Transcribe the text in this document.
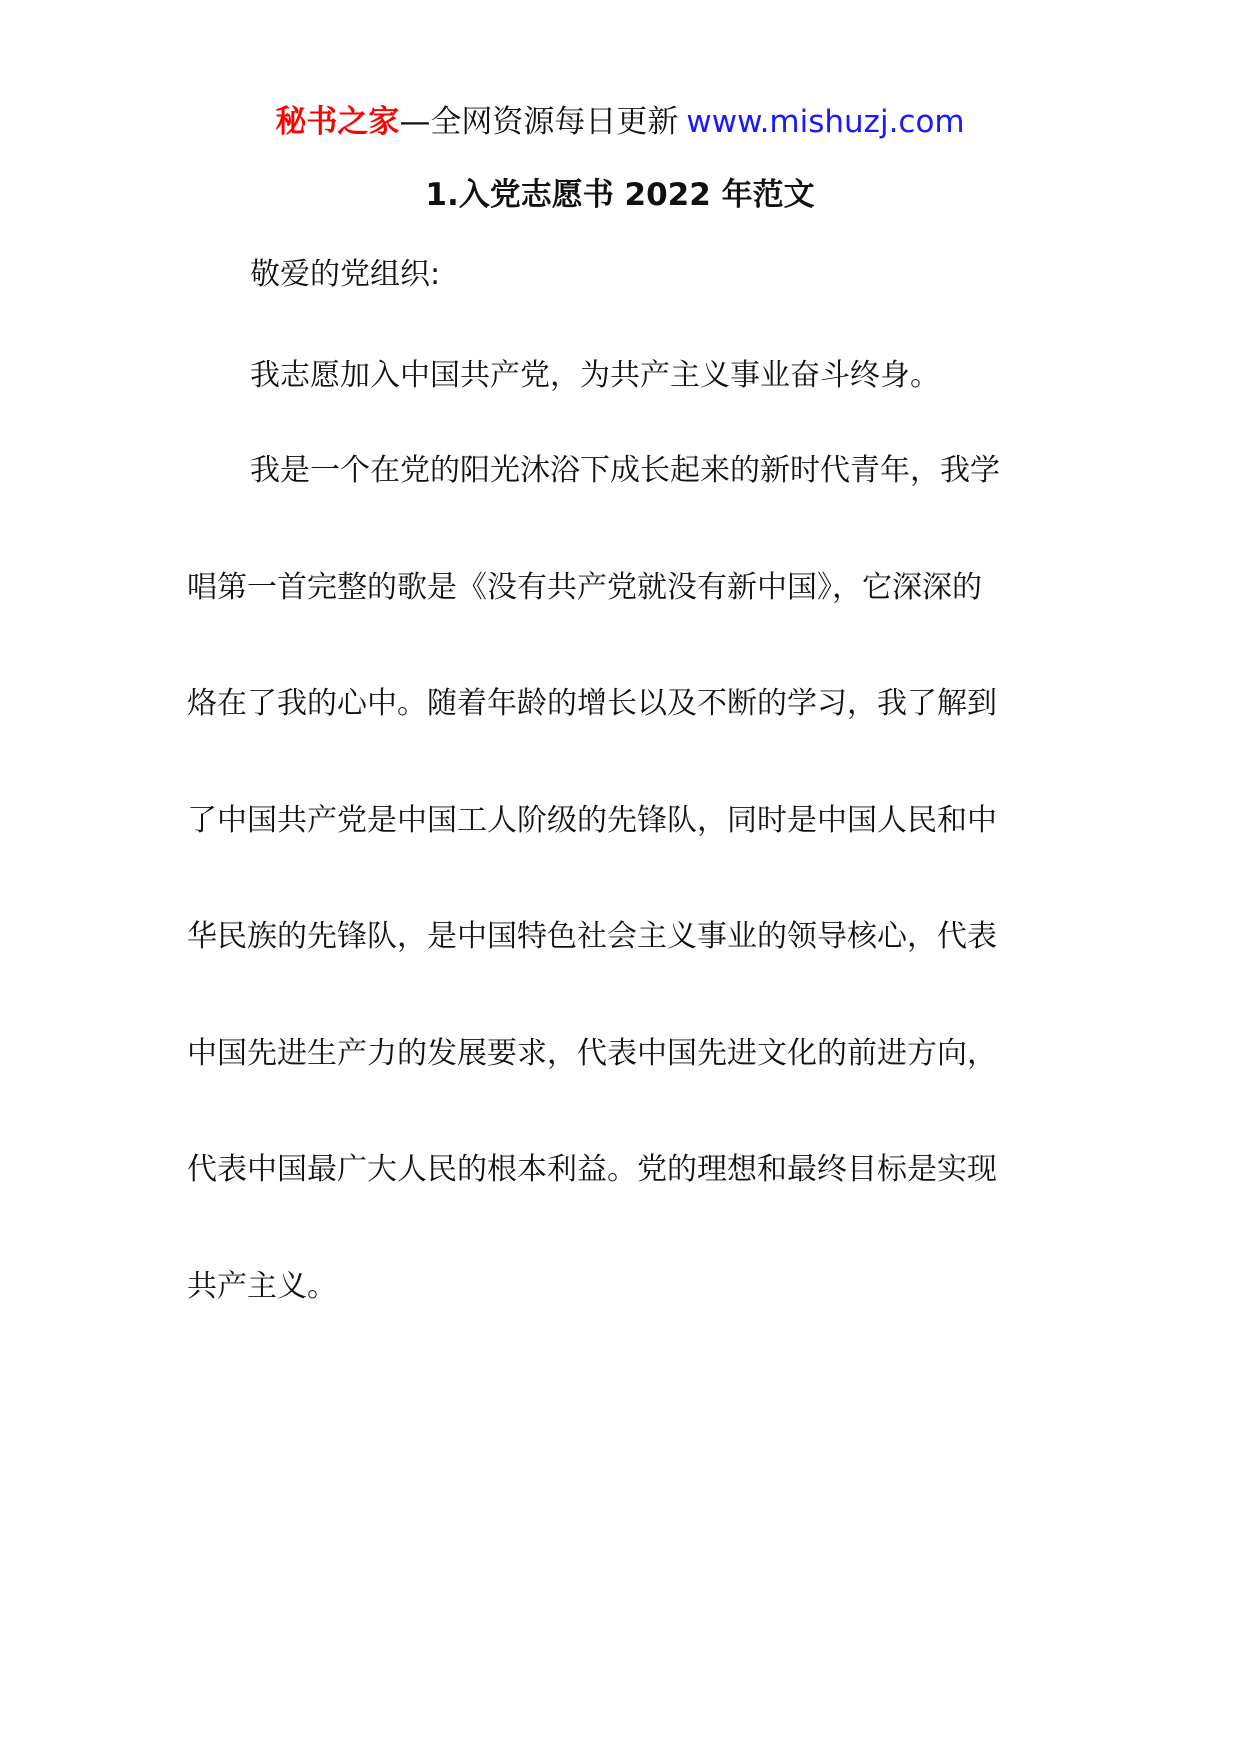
秘书之家—全网资源每日更新 www.mishuzj.com
1.入党志愿书 2022 年范文
敬爱的党组织:
我志愿加入中国共产党，为共产主义事业奋斗终身。
我是一个在党的阳光沐浴下成长起来的新时代青年，我学
唱第一首完整的歌是《没有共产党就没有新中国》，它深深的
烙在了我的心中。随着年龄的增长以及不断的学习，我了解到
了中国共产党是中国工人阶级的先锋队，同时是中国人民和中
华民族的先锋队，是中国特色社会主义事业的领导核心，代表
中国先进生产力的发展要求，代表中国先进文化的前进方向，
代表中国最广大人民的根本利益。党的理想和最终目标是实现
共产主义。
